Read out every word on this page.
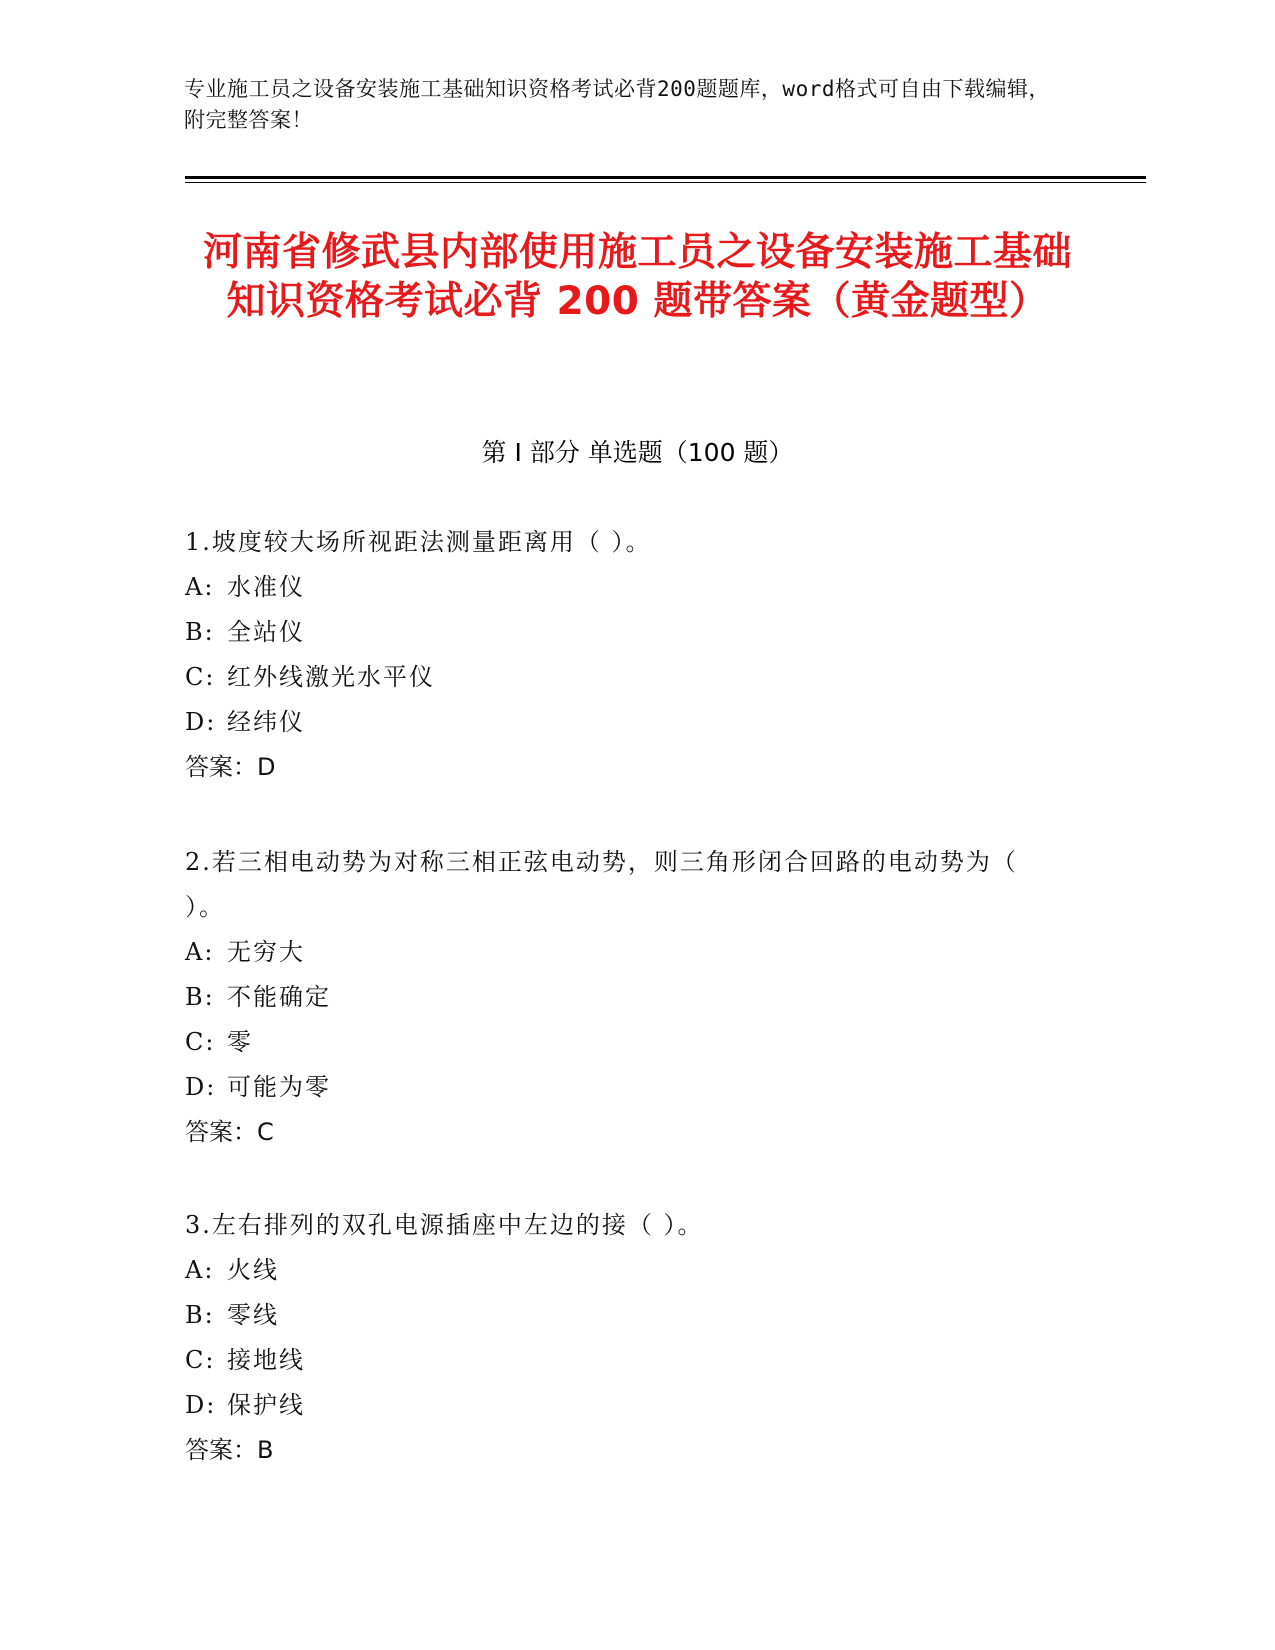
专业施工员之设备安装施工基础知识资格考试必背200题题库，word格式可自由下载编辑，附完整答案！
河南省修武县内部使用施工员之设备安装施工基础知识资格考试必背 200 题带答案（黄金题型）
第 I 部分 单选题（100 题）
1.坡度较大场所视距法测量距离用（ ）。
A: 水准仪
B: 全站仪
C: 红外线激光水平仪
D: 经纬仪
答案：D
2.若三相电动势为对称三相正弦电动势，则三角形闭合回路的电动势为（ ）。
A: 无穷大
B: 不能确定
C: 零
D: 可能为零
答案：C
3.左右排列的双孔电源插座中左边的接（ ）。
A: 火线
B: 零线
C: 接地线
D: 保护线
答案：B
